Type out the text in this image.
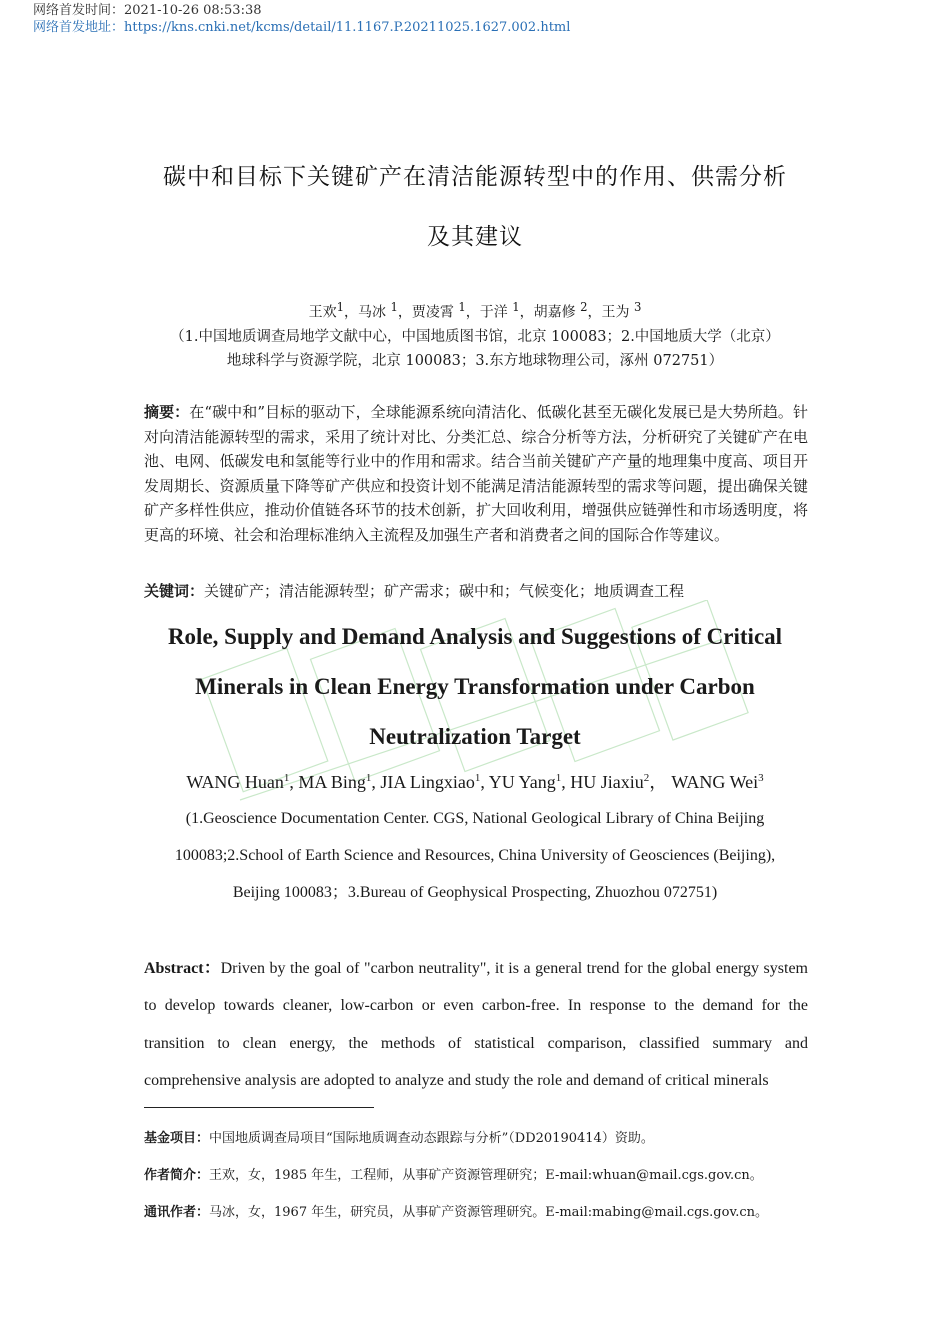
网络首发时间：2021-10-26 08:53:38
网络首发地址：https://kns.cnki.net/kcms/detail/11.1167.P.20211025.1627.002.html
碳中和目标下关键矿产在清洁能源转型中的作用、供需分析
及其建议
王欢$^1$，马冰 $^1$，贾凌霄 $^1$，于洋 $^1$，胡嘉修 $^2$，王为 $^3$
（1.中国地质调查局地学文献中心，中国地质图书馆，北京 100083；2.中国地质大学（北京）
地球科学与资源学院，北京 100083；3.东方地球物理公司，涿州 072751）
摘要：在“碳中和”目标的驱动下，全球能源系统向清洁化、低碳化甚至无碳化发展已是大势所趋。针对向清洁能源转型的需求，采用了统计对比、分类汇总、综合分析等方法，分析研究了关键矿产在电池、电网、低碳发电和氢能等行业中的作用和需求。结合当前关键矿产产量的地理集中度高、项目开发周期长、资源质量下降等矿产供应和投资计划不能满足清洁能源转型的需求等问题，提出确保关键矿产多样性供应，推动价值链各环节的技术创新，扩大回收利用，增强供应链弹性和市场透明度，将更高的环境、社会和治理标准纳入主流程及加强生产者和消费者之间的国际合作等建议。
关键词：关键矿产；清洁能源转型；矿产需求；碳中和；气候变化；地质调查工程
Role, Supply and Demand Analysis and Suggestions of Critical
Minerals in Clean Energy Transformation under Carbon
Neutralization Target
WANG Huan$^1$, MA Bing$^1$, JIA Lingxiao$^1$, YU Yang$^1$, HU Jiaxiu$^2$， WANG Wei$^3$
(1.Geoscience Documentation Center. CGS, National Geological Library of China Beijing
100083;2.School of Earth Science and Resources, China University of Geosciences (Beijing),
Beijing 100083；3.Bureau of Geophysical Prospecting, Zhuozhou 072751)
Abstract：Driven by the goal of "carbon neutrality", it is a general trend for the global energy system to develop towards cleaner, low-carbon or even carbon-free. In response to the demand for the transition to clean energy, the methods of statistical comparison, classified summary and comprehensive analysis are adopted to analyze and study the role and demand of critical minerals
基金项目：中国地质调查局项目“国际地质调查动态跟踪与分析”（DD20190414）资助。
作者简介：王欢，女，1985 年生，工程师，从事矿产资源管理研究；E-mail:whuan@mail.cgs.gov.cn。
通讯作者：马冰，女，1967 年生，研究员，从事矿产资源管理研究。E-mail:mabing@mail.cgs.gov.cn。
